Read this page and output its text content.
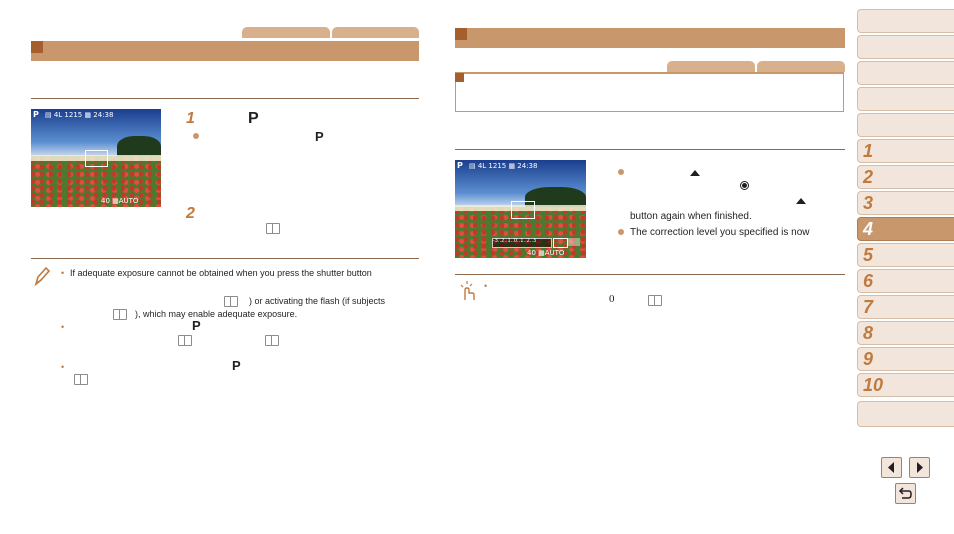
P ▤ 4L 1215 ▦ 24:38
40 ▦AUTO
1	P
P
2
• If adequate exposure cannot be obtained when you press the shutter button
) or activating the flash (if subjects
), which may enable adequate exposure.
•	P
•	P
P ▤ 4L 1215 ▦ 24:38
-3..2..1..0..1..2..3
40 ▦AUTO
button again when finished.
The correction level you specified is now
•
0
1
2
3
4
5
6
7
8
9
10
